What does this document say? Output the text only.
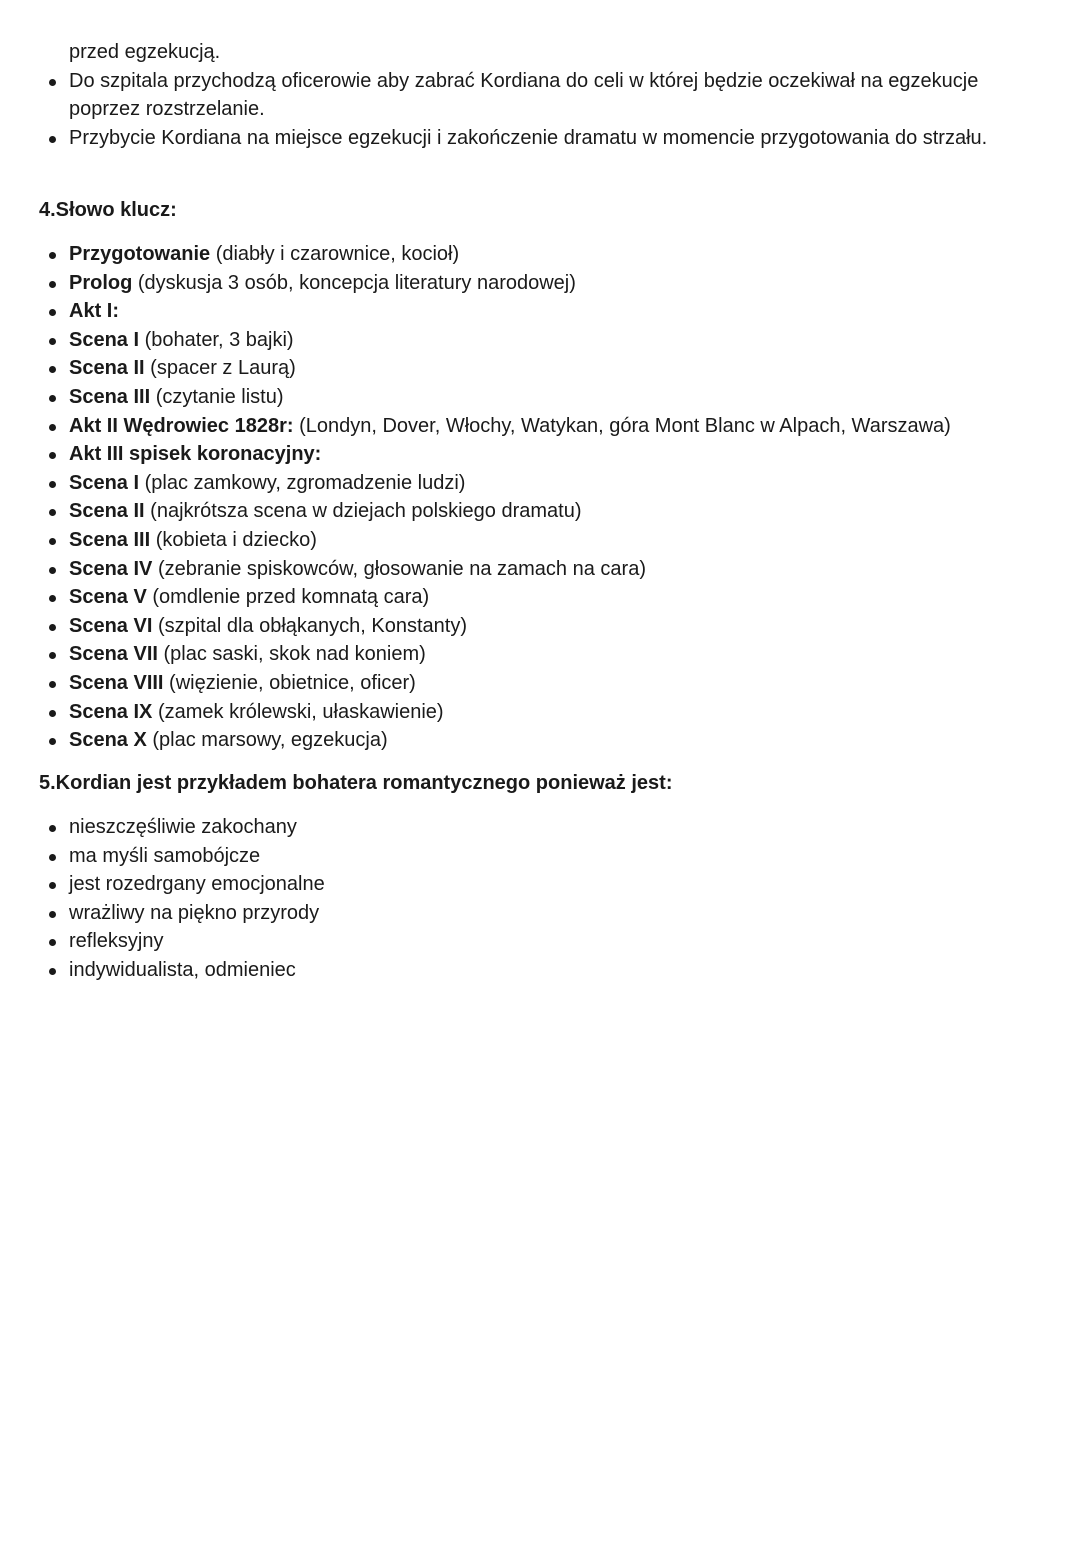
przed egzekucją.
Do szpitala przychodzą oficerowie aby zabrać Kordiana do celi w której będzie oczekiwał na egzekucje poprzez rozstrzelanie.
Przybycie Kordiana na miejsce egzekucji i zakończenie dramatu w momencie przygotowania do strzału.
4.Słowo klucz:
Przygotowanie (diabły i czarownice, kocioł)
Prolog (dyskusja 3 osób, koncepcja literatury narodowej)
Akt I:
Scena I (bohater, 3 bajki)
Scena II (spacer z Laurą)
Scena III (czytanie listu)
Akt II Wędrowiec 1828r: (Londyn, Dover, Włochy, Watykan, góra Mont Blanc w Alpach, Warszawa)
Akt III spisek koronacyjny:
Scena I (plac zamkowy, zgromadzenie ludzi)
Scena II (najkrótsza scena w dziejach polskiego dramatu)
Scena III (kobieta i dziecko)
Scena IV (zebranie spiskowców, głosowanie na zamach na cara)
Scena V (omdlenie przed komnatą cara)
Scena VI (szpital dla obłąkanych, Konstanty)
Scena VII (plac saski, skok nad koniem)
Scena VIII (więzienie, obietnice, oficer)
Scena IX (zamek królewski, ułaskawienie)
Scena X (plac marsowy, egzekucja)
5.Kordian jest przykładem bohatera romantycznego ponieważ jest:
nieszczęśliwie zakochany
ma myśli samobójcze
jest rozedrgany emocjonalne
wrażliwy na piękno przyrody
refleksyjny
indywidualista, odmieniec
